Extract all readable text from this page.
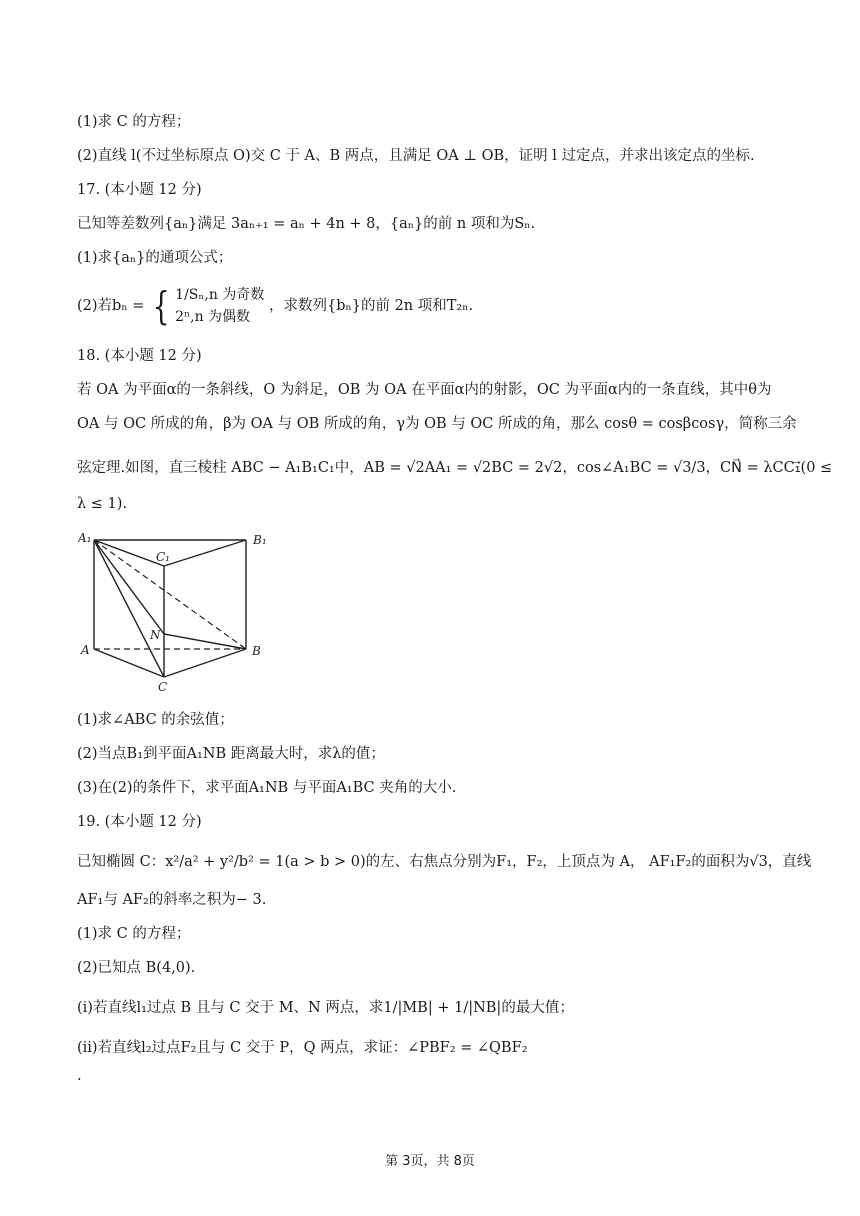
(1)求 C 的方程；
(2)直线 l(不过坐标原点 O)交 C 于 A、B 两点，且满足 OA ⊥ OB，证明 l 过定点，并求出该定点的坐标.
17. (本小题 12 分)
已知等差数列{aₙ}满足 3aₙ₊₁ = aₙ + 4n + 8，{aₙ}的前 n 项和为Sₙ.
(1)求{aₙ}的通项公式；
(2)若bₙ = { 1/Sₙ,n 为奇数
2ⁿ,n 为偶数
，求数列{bₙ}的前 2n 项和T₂ₙ.
18. (本小题 12 分)
若 OA 为平面α的一条斜线，O 为斜足，OB 为 OA 在平面α内的射影，OC 为平面α内的一条直线，其中θ为
OA 与 OC 所成的角，β为 OA 与 OB 所成的角，γ为 OB 与 OC 所成的角，那么 cosθ = cosβcosγ，简称三余
弦定理.如图，直三棱柱 ABC − A₁B₁C₁中，AB = √2AA₁ = √2BC = 2√2，cos∠A₁BC = √3/3，CN⃗ = λCC₁⃗(0 ≤
λ ≤ 1).
A₁	B₁
C₁
A	B
C
N
(1)求∠ABC 的余弦值；
(2)当点B₁到平面A₁NB 距离最大时，求λ的值；
(3)在(2)的条件下，求平面A₁NB 与平面A₁BC 夹角的大小.
19. (本小题 12 分)
已知椭圆 C：x²/a² + y²/b² = 1(a > b > 0)的左、右焦点分别为F₁，F₂，上顶点为 A， AF₁F₂的面积为√3，直线
AF₁与 AF₂的斜率之积为− 3.
(1)求 C 的方程；
(2)已知点 B(4,0).
(ⅰ)若直线l₁过点 B 且与 C 交于 M、N 两点，求1/|MB| + 1/|NB|的最大值；
(ⅱ)若直线l₂过点F₂且与 C 交于 P，Q 两点，求证：∠PBF₂ = ∠QBF₂
.
第 3页，共 8页
